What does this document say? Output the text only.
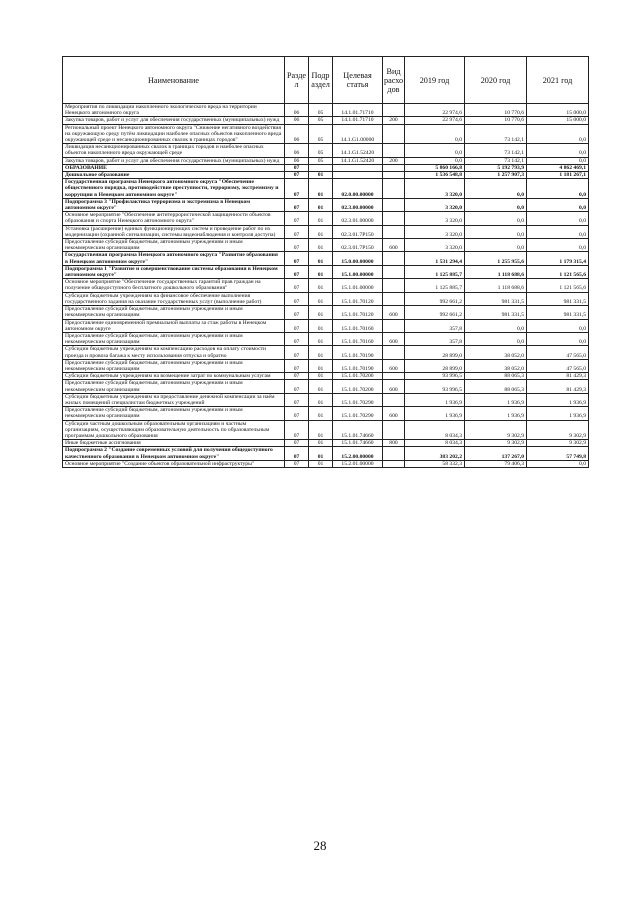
Наименование	Разде л	Подр аздел	Целевая статья	Вид расхо дов	2019 год	2020 год	2021 год
Мероприятия по ликвидации накопленного экологического вреда на территории Ненецкого автономного округа	06	05	14.1.01.71710		22 974,6	10 770,6	15 000,0
Закупка товаров, работ и услуг для обеспечения государственных (муниципальных) нужд	06	05	14.1.01.71710	200	22 974,6	10 770,6	15 000,0
Региональный проект Ненецкого автономного округа "Снижение негативного воздействия на окружающую среду путём ликвидации наиболее опасных объектов накопленного вреда окружающей среде и несанкционированных свалок в границах городов"	06	05	14.1.G1.00000		0,0	73 142,1	0,0
Ликвидация несанкционированных свалок в границах городов и наиболее опасных объектов накопленного вреда окружающей среде	06	05	14.1.G1.52420		0,0	73 142,1	0,0
Закупка товаров, работ и услуг для обеспечения государственных (муниципальных) нужд	06	05	14.1.G1.52420	200	0,0	73 142,1	0,0
ОБРАЗОВАНИЕ	07				5 860 166,8	5 192 793,9	4 862 469,1
Дошкольное образование	07	01			1 536 548,8	1 257 907,3	1 181 267,1
Государственная программа Ненецкого автономного округа "Обеспечение общественного порядка, противодействие преступности, терроризму, экстремизму и коррупции в Ненецком автономном округе"	07	01	02.0.00.00000		3 320,0	0,0	0,0
Подпрограмма 3 "Профилактика терроризма и экстремизма в Ненецком автономном округе"	07	01	02.3.00.00000		3 320,0	0,0	0,0
Основное мероприятие "Обеспечение антитеррористической защищенности объектов образования и спорта Ненецкого автономного округа"	07	01	02.3.01.00000		3 320,0	0,0	0,0
Установка (расширение) единых функционирующих систем и проведение работ по их модернизации (охранной сигнализации, системы видеонаблюдения и контроля доступа)	07	01	02.3.01.7Р150		3 320,0	0,0	0,0
Предоставление субсидий бюджетным, автономным учреждениям и иным некоммерческим организациям	07	01	02.3.01.7Р150	600	3 320,0	0,0	0,0
Государственная программа Ненецкого автономного округа "Развитие образования в Ненецком автономном округе"	07	01	15.0.00.00000		1 531 294,4	1 255 955,6	1 179 315,4
Подпрограмма 1 "Развитие и совершенствование системы образования в Ненецком автономном округе"	07	01	15.1.00.00000		1 125 885,7	1 118 688,6	1 121 565,6
Основное мероприятие "Обеспечение государственных гарантий прав граждан на получение общедоступного бесплатного дошкольного образования"	07	01	15.1.01.00000		1 125 885,7	1 118 688,6	1 121 565,6
Субсидии бюджетным учреждениям на финансовое обеспечение выполнения государственного задания на оказание государственных услуг (выполнение работ)	07	01	15.1.01.70120		992 661,2	981 331,5	981 331,5
Предоставление субсидий бюджетным, автономным учреждениям и иным некоммерческим организациям	07	01	15.1.01.70120	600	992 661,2	981 331,5	981 331,5
Предоставление единовременной премиальной выплаты за стаж работы в Ненецком автономном округе	07	01	15.1.01.70160		357,8	0,0	0,0
Предоставление субсидий бюджетным, автономным учреждениям и иным некоммерческим организациям	07	01	15.1.01.70160	600	357,8	0,0	0,0
Субсидии бюджетным учреждениям на компенсацию расходов на оплату стоимости проезда и провоза багажа к месту использования отпуска и обратно	07	01	15.1.01.70190		28 899,0	38 052,0	47 565,0
Предоставление субсидий бюджетным, автономным учреждениям и иным некоммерческим организациям	07	01	15.1.01.70190	600	28 899,0	38 052,0	47 565,0
Субсидии бюджетным учреждениям на возмещение затрат по коммунальным услугам	07	01	15.1.01.70200		93 996,5	88 065,3	81 429,3
Предоставление субсидий бюджетным, автономным учреждениям и иным некоммерческим организациям	07	01	15.1.01.70200	600	93 996,5	88 065,3	81 429,3
Субсидии бюджетным учреждениям на предоставление денежной компенсации за наём жилых помещений специалистам бюджетных учреждений	07	01	15.1.01.70290		1 936,9	1 936,9	1 936,9
Предоставление субсидий бюджетным, автономным учреждениям и иным некоммерческим организациям	07	01	15.1.01.70290	600	1 936,9	1 936,9	1 936,9
Субсидии частным дошкольным образовательным организациям и частным организациям, осуществляющим образовательную деятельность по образовательным программам дошкольного образования	07	01	15.1.01.74660		8 034,3	9 302,9	9 302,9
Иные бюджетные ассигнования	07	01	15.1.01.74660	800	8 034,3	9 302,9	9 302,9
Подпрограмма 2 "Создание современных условий для получения общедоступного качественного образования в Ненецком автономном округе"	07	01	15.2.00.00000		383 202,2	137 267,0	57 749,8
Основное мероприятие "Создание объектов образовательной инфраструктуры"	07	01	15.2.01.00000		58 332,3	79 406,3	0,0
28
